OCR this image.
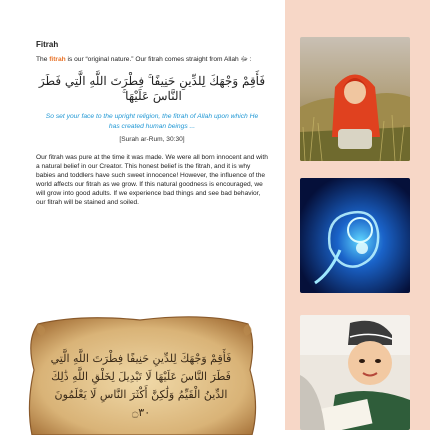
Fitrah

The fitrah is our “original nature.” Our fitrah comes straight from Allah ﷻ :

فَأَقِمْ وَجْهَكَ لِلدِّينِ حَنِيفًا ۚ فِطْرَتَ اللَّهِ الَّتِي فَطَرَ النَّاسَ عَلَيْهَا ۚ

So set your face to the upright religion, the fitrah of Allah upon which He has created human beings ...

[Surah ar-Rum, 30:30]

Our fitrah was pure at the time it was made. We were all born innocent and with a natural belief in our Creator. This honest belief is the fitrah, and it is why babies and toddlers have such sweet innocence! However, the influence of the world affects our fitrah as we grow. If this natural goodness is encouraged, we will grow into good adults. If we experience bad things and see bad behavior, our fitrah will be stained and soiled.

فَأَقِمْ وَجْهَكَ لِلدِّينِ حَنِيفًا فِطْرَتَ اللَّهِ الَّتِي فَطَرَ النَّاسَ عَلَيْهَا لَا تَبْدِيلَ لِخَلْقِ اللَّهِ ذَٰلِكَ الدِّينُ الْقَيِّمُ وَلَٰكِنَّ أَكْثَرَ النَّاسِ لَا يَعْلَمُونَ ۝٣٠
